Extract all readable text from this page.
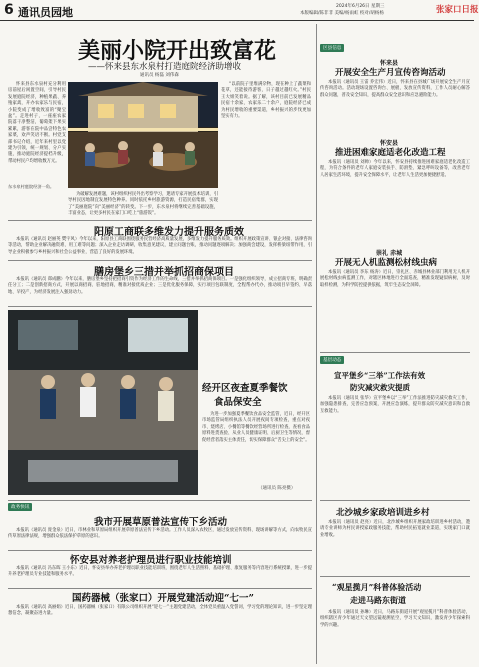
6 通讯员园地	2024年6月26日 星期三
本版编辑/陈非非 美编/杨雨虹 校对/胡杨杨	张家口日报
美丽小院开出致富花
——怀来县东水泉村打造庭院经济助增收
通讯员 杨磊 刘伟森

怀来县东水泉村充分利用房前屋后闲置空间，引导村民发展庭院经济，种植果蔬、养殖家禽，开办农家乐与民宿，小院变成了增收致富的“聚宝盆”。走进村子，一座座农家院落干净整洁，葡萄架下果实累累，游客在院中品尝特色农家菜，欢声笑语不断。村党支部书记介绍，近年来村里以党建为引领，统一规划、分户实施，推动庭院经济提档升级，带动村民户均增收数万元。

“以前院子里堆满杂物，现在种上了蔬菜和花草，还能接待游客，日子越过越红火。”村民王大姐笑着说。据了解，该村目前已发展精品民宿十余家，农家乐二十余户，庭院经济已成为村民增收的重要渠道，乡村振兴的步伐更加坚实有力。

为破解发展难题，该村组织村民外出考察学习，邀请专家开展技术培训，引导村民因地制宜发展特色种养。同时依托乡村旅游资源，打造民宿集群，实现了“美丽庭院”向“美丽经济”的转变。下一步，东水泉村将继续完善基础设施，丰富业态，让更多村民在家门口吃上“旅游饭”。

东水泉村庭院经济一角。
阳原工商联多维发力提升服务质效

本报讯（通讯员 赵丽英 樊宇风）今年以来，阳原县工商联围绕服务民营经济高质量发展，多维发力提升服务质效。组织开展政策宣讲、银企对接、法律咨询等活动，帮助企业解决融资难、用工难等问题；深入企业走访调研，收集意见建议，建立问题台账，推动问题逐项解决；加强商会建设，发挥桥梁纽带作用，引导企业积极参与乡村振兴和社会公益事业，营造了良好的发展环境。

膳房堡乡三措并举抓招商保项目

本报讯（通讯员 郑成鹏）今年以来，膳房堡乡坚持把招商引资作为经济工作的生命线，三措并举抓招商保项目。一是强化组织领导，成立招商专班，明确责任分工；二是创新招商方式，开展以商招商、驻地招商，精准对接优质企业；三是优化服务保障，实行项目包联制度，全程帮办代办，推动项目早签约、早落地、早投产，为经济发展注入强劲动力。

经开区夜查夏季餐饮
食品保安全

为进一步加强夏季餐饮食品安全监管，近日，经开区市场监管局组织执法人员开展夜间专项检查，重点对夜市、烧烤店、小餐馆等餐饮经营场所进行检查，查看食品原料进货查验、从业人员健康证明、后厨卫生等情况，督促经营者落实主体责任，切实保障群众“舌尖上的安全”。

（通讯员 陈亮摄）
政务快讯
我市开展草原普法宣传下乡活动

本报讯（通讯员 庞金泉）近日，市林业和草原局组织开展草原普法宣传下乡活动。工作人员深入农牧区，通过发放宣传资料、现场讲解等方式，向农牧民宣传草原法律法规，增强群众依法保护草原的意识。

怀安县对养老护理员进行职业技能培训

本报讯（通讯员 冯东晖 王小东）近日，怀安县举办养老护理员职业技能培训班，围绕老年人生活照料、基础护理、康复服务等内容进行系统授课，进一步提升养老护理员专业技能和服务水平。

国药器械（张家口）开展党建活动迎“七一”

本报讯（通讯员 高丽娟）近日，国药器械（张家口）有限公司组织开展“迎七一”主题党建活动，全体党员重温入党誓词，学习党的理论知识，进一步坚定理想信念，凝聚奋进力量。

区县信息
怀来县
开展安全生产月宣传咨询活动

本报讯（通讯员 王雷 乔宏伟）近日，怀来县在县城广场开展安全生产月宣传咨询活动。活动现场设置咨询台、展板，发放宣传资料，工作人员耐心解答群众问题，普及安全知识，提高群众安全意识和应急避险能力。

怀安县
推进困难家庭适老化改造工程

本报讯（通讯员 刘帅）今年以来，怀安县持续推进困难家庭适老化改造工程，为符合条件的老年人家庭安装扶手、防滑垫、紧急呼叫设备等，改善老年人居家生活环境，提升安全保障水平，让老年人生活更加便捷舒适。

崇礼 赤城
开展无人机监测松材线虫病

本报讯（通讯员 李东 杨涛）近日，崇礼区、赤城县林业部门利用无人机开展松材线虫病监测工作，对辖区林地进行全面巡查，精准发现疑似病树，及时取样检测，为科学防控提供依据，筑牢生态安全屏障。

基层动态
宣平堡乡“三举”工作法有效
防灾减灾救灾提质

本报讯（通讯员 张华）宣平堡乡以“三举”工作法推进防灾减灾救灾工作，加强隐患排查，完善应急预案，开展应急演练，提升群众防灾减灾意识和自救互救能力。

北沙城乡家政培训进乡村

本报讯（通讯员 赵亮）近日，北沙城乡组织开展家政培训进乡村活动，邀请专业讲师为村民讲授家政服务技能，帮助村民拓宽就业渠道，实现家门口就业增收。

“观星揽月”科普体验活动
走进马路东街道

本报讯（通讯员 孙琳）近日，马路东街道开展“观星揽月”科普体验活动，组织辖区青少年通过天文望远镜观测星空，学习天文知识，激发青少年探索科学的兴趣。
